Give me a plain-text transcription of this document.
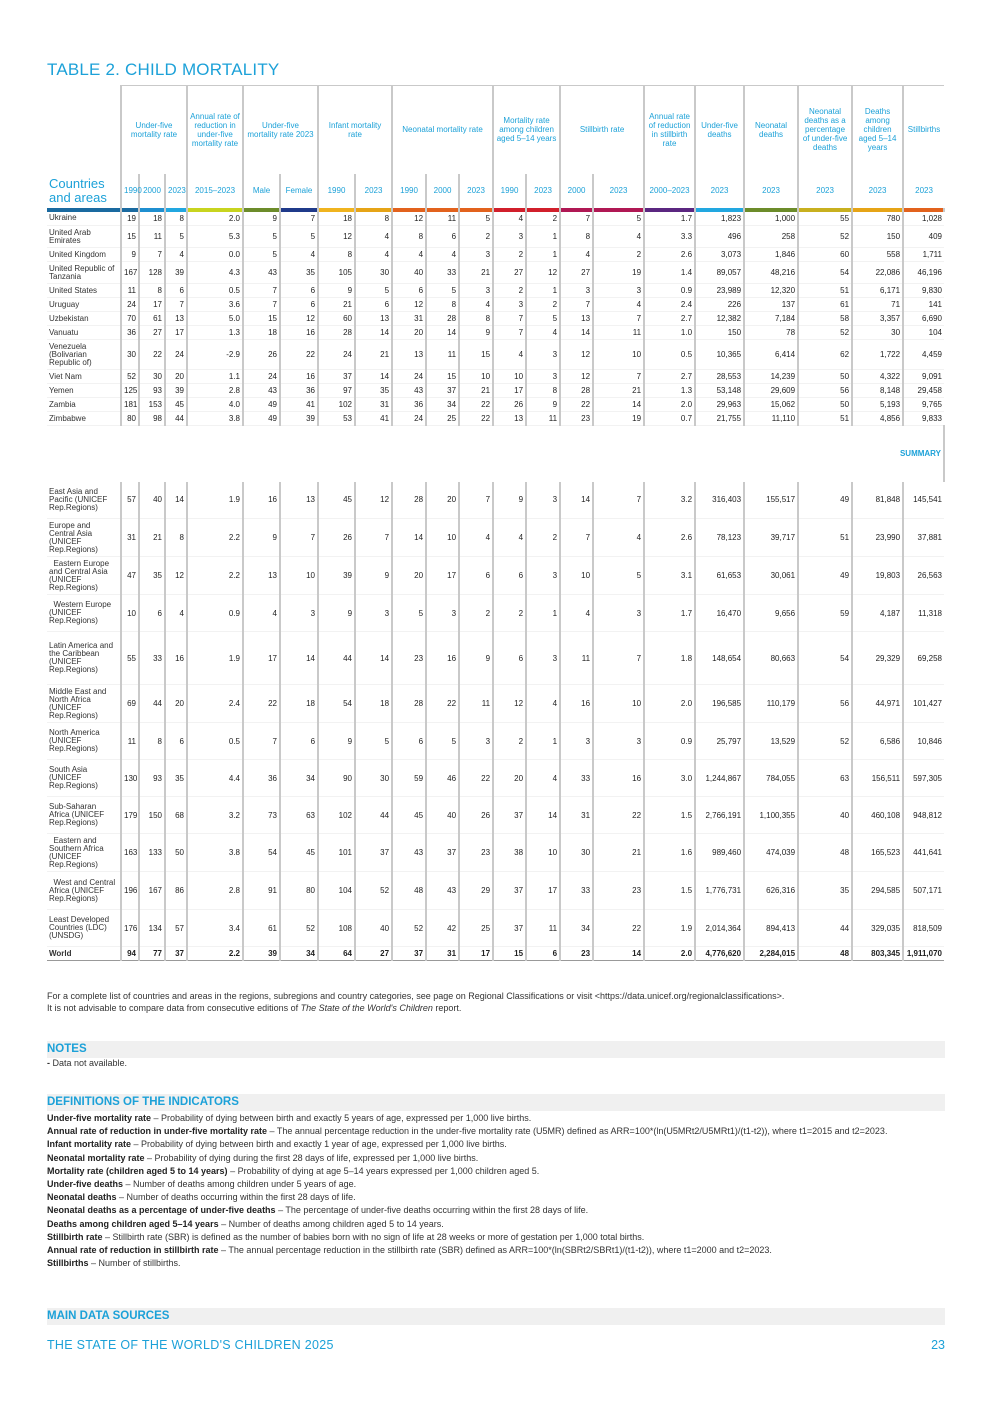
TABLE 2. CHILD MORTALITY
	Under-five mortality rate			Annual rate of reduction in under-five mortality rate	Under-five mortality rate 2023		Infant mortality rate		Neonatal mortality rate			Mortality rate among children aged 5–14 years		Stillbirth rate		Annual rate of reduction in stillbirth rate	Under-five deaths	Neonatal deaths	Neonatal deaths as a percentage of under-five deaths	Deaths among children aged 5–14 years	Stillbirths
Countries and areas	1990	2000	2023	2015–2023	Male	Female	1990	2023	1990	2000	2023	1990	2023	2000	2023	2000–2023	2023	2023	2023	2023	2023

Ukraine	19	18	8	2.0	9	7	18	8	12	11	5	4	2	7	5	1.7	1,823	1,000	55	780	1,028
United Arab Emirates	15	11	5	5.3	5	5	12	4	8	6	2	3	1	8	4	3.3	496	258	52	150	409
United Kingdom	9	7	4	0.0	5	4	8	4	4	4	3	2	1	4	2	2.6	3,073	1,846	60	558	1,711
United Republic of Tanzania	167	128	39	4.3	43	35	105	30	40	33	21	27	12	27	19	1.4	89,057	48,216	54	22,086	46,196
United States	11	8	6	0.5	7	6	9	5	6	5	3	2	1	3	3	0.9	23,989	12,320	51	6,171	9,830
Uruguay	24	17	7	3.6	7	6	21	6	12	8	4	3	2	7	4	2.4	226	137	61	71	141
Uzbekistan	70	61	13	5.0	15	12	60	13	31	28	8	7	5	13	7	2.7	12,382	7,184	58	3,357	6,690
Vanuatu	36	27	17	1.3	18	16	28	14	20	14	9	7	4	14	11	1.0	150	78	52	30	104
Venezuela (Bolivarian Republic of)	30	22	24	-2.9	26	22	24	21	13	11	15	4	3	12	10	0.5	10,365	6,414	62	1,722	4,459
Viet Nam	52	30	20	1.1	24	16	37	14	24	15	10	10	3	12	7	2.7	28,553	14,239	50	4,322	9,091
Yemen	125	93	39	2.8	43	36	97	35	43	37	21	17	8	28	21	1.3	53,148	29,609	56	8,148	29,458
Zambia	181	153	45	4.0	49	41	102	31	36	34	22	26	9	22	14	2.0	29,963	15,062	50	5,193	9,765
Zimbabwe	80	98	44	3.8	49	39	53	41	24	25	22	13	11	23	19	0.7	21,755	11,110	51	4,856	9,833
SUMMARY																					
East Asia and Pacific (UNICEF Rep.Regions)	57	40	14	1.9	16	13	45	12	28	20	7	9	3	14	7	3.2	316,403	155,517	49	81,848	145,541
Europe and Central Asia (UNICEF Rep.Regions)	31	21	8	2.2	9	7	26	7	14	10	4	4	2	7	4	2.6	78,123	39,717	51	23,990	37,881
Eastern Europe and Central Asia (UNICEF Rep.Regions)	47	35	12	2.2	13	10	39	9	20	17	6	6	3	10	5	3.1	61,653	30,061	49	19,803	26,563
Western Europe (UNICEF Rep.Regions)	10	6	4	0.9	4	3	9	3	5	3	2	2	1	4	3	1.7	16,470	9,656	59	4,187	11,318
Latin America and the Caribbean (UNICEF Rep.Regions)	55	33	16	1.9	17	14	44	14	23	16	9	6	3	11	7	1.8	148,654	80,663	54	29,329	69,258
Middle East and North Africa (UNICEF Rep.Regions)	69	44	20	2.4	22	18	54	18	28	22	11	12	4	16	10	2.0	196,585	110,179	56	44,971	101,427
North America (UNICEF Rep.Regions)	11	8	6	0.5	7	6	9	5	6	5	3	2	1	3	3	0.9	25,797	13,529	52	6,586	10,846
South Asia (UNICEF Rep.Regions)	130	93	35	4.4	36	34	90	30	59	46	22	20	4	33	16	3.0	1,244,867	784,055	63	156,511	597,305
Sub-Saharan Africa (UNICEF Rep.Regions)	179	150	68	3.2	73	63	102	44	45	40	26	37	14	31	22	1.5	2,766,191	1,100,355	40	460,108	948,812
Eastern and Southern Africa (UNICEF Rep.Regions)	163	133	50	3.8	54	45	101	37	43	37	23	38	10	30	21	1.6	989,460	474,039	48	165,523	441,641
West and Central Africa (UNICEF Rep.Regions)	196	167	86	2.8	91	80	104	52	48	43	29	37	17	33	23	1.5	1,776,731	626,316	35	294,585	507,171
Least Developed Countries (LDC) (UNSDG)	176	134	57	3.4	61	52	108	40	52	42	25	37	11	34	22	1.9	2,014,364	894,413	44	329,035	818,509
World	94	77	37	2.2	39	34	64	27	37	31	17	15	6	23	14	2.0	4,776,620	2,284,015	48	803,345	1,911,070
For a complete list of countries and areas in the regions, subregions and country categories, see page on Regional Classifications or visit <https://data.unicef.org/regionalclassifications>.
It is not advisable to compare data from consecutive editions of The State of the World's Children report.
NOTES
- Data not available.
DEFINITIONS OF THE INDICATORS
Under-five mortality rate – Probability of dying between birth and exactly 5 years of age, expressed per 1,000 live births.
Annual rate of reduction in under-five mortality rate – The annual percentage reduction in the under-five mortality rate (U5MR) defined as ARR=100*(ln(U5MRt2/U5MRt1)/(t1-t2)), where t1=2015 and t2=2023.
Infant mortality rate – Probability of dying between birth and exactly 1 year of age, expressed per 1,000 live births.
Neonatal mortality rate – Probability of dying during the first 28 days of life, expressed per 1,000 live births.
Mortality rate (children aged 5 to 14 years) – Probability of dying at age 5–14 years expressed per 1,000 children aged 5.
Under-five deaths – Number of deaths among children under 5 years of age.
Neonatal deaths – Number of deaths occurring within the first 28 days of life.
Neonatal deaths as a percentage of under-five deaths – The percentage of under-five deaths occurring within the first 28 days of life.
Deaths among children aged 5–14 years – Number of deaths among children aged 5 to 14 years.
Stillbirth rate – Stillbirth rate (SBR) is defined as the number of babies born with no sign of life at 28 weeks or more of gestation per 1,000 total births.
Annual rate of reduction in stillbirth rate – The annual percentage reduction in the stillbirth rate (SBR) defined as ARR=100*(ln(SBRt2/SBRt1)/(t1-t2)), where t1=2000 and t2=2023.
Stillbirths – Number of stillbirths.
MAIN DATA SOURCES
THE STATE OF THE WORLD'S CHILDREN 2025	23
